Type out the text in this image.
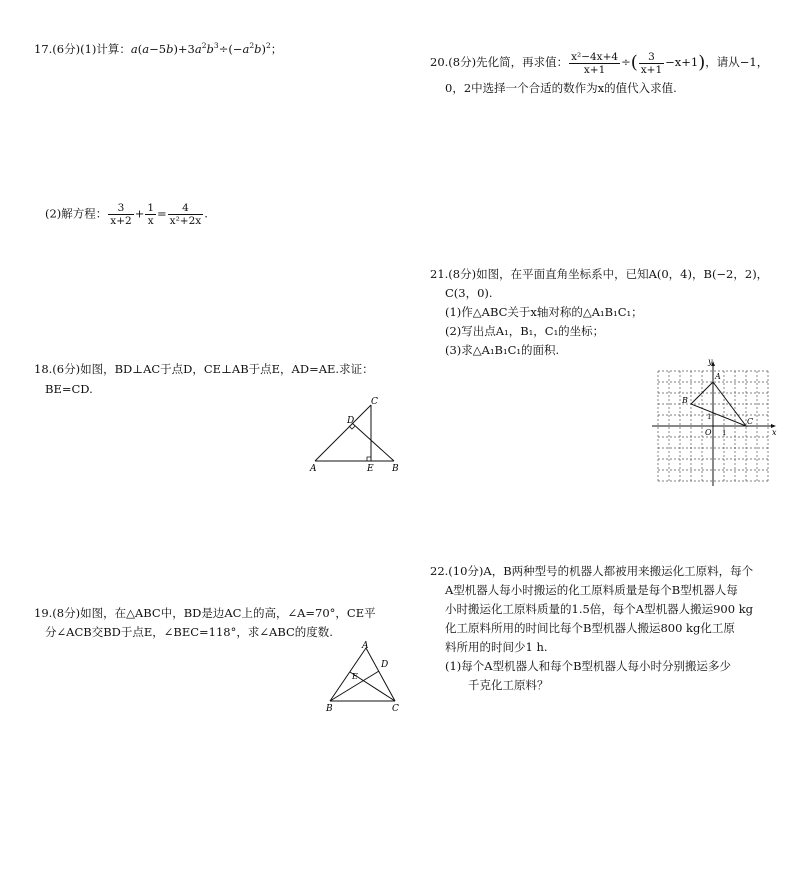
17.(6分)(1)计算：$a(a-5b)+3a^2b^3\div(-a^2b)^2$；
(2)解方程： $\frac{3}{x+2} + \frac{1}{x} = \frac{4}{\text{x²+2x}}$ .
18.(6分)如图，BD⊥AC于点D，CE⊥AB于点E，AD=AE.求证：
BE=CD.
C
D
A	E B
19.(8分)如图，在△ABC中，BD是边AC上的高，∠A=70°，CE平
分∠ACB交BD于点E，∠BEC=118°，求∠ABC的度数.
A
D
E
B	C
20.(8分)先化简，再求值： $\frac{\text{x²−4x+4}}{x+1}$ ÷( $\frac{3}{x+1} -x+1$)，请从−1，
0，2中选择一个合适的数作为x的值代入求值.
21.(8分)如图，在平面直角坐标系中，已知A(0，4)，B(−2，2)，
C(3，0).
(1)作△ABC关于x轴对称的△A₁B₁C₁；
(2)写出点A₁，B₁，C₁的坐标；
(3)求△A₁B₁C₁的面积.
y
x
O 1
1
A
B
C
22.(10分)A，B两种型号的机器人都被用来搬运化工原料，每个
A型机器人每小时搬运的化工原料质量是每个B型机器人每
小时搬运化工原料质量的1.5倍，每个A型机器人搬运900 kg
化工原料所用的时间比每个B型机器人搬运800 kg化工原
料所用的时间少1 h.
(1)每个A型机器人和每个B型机器人每小时分别搬运多少
千克化工原料？
